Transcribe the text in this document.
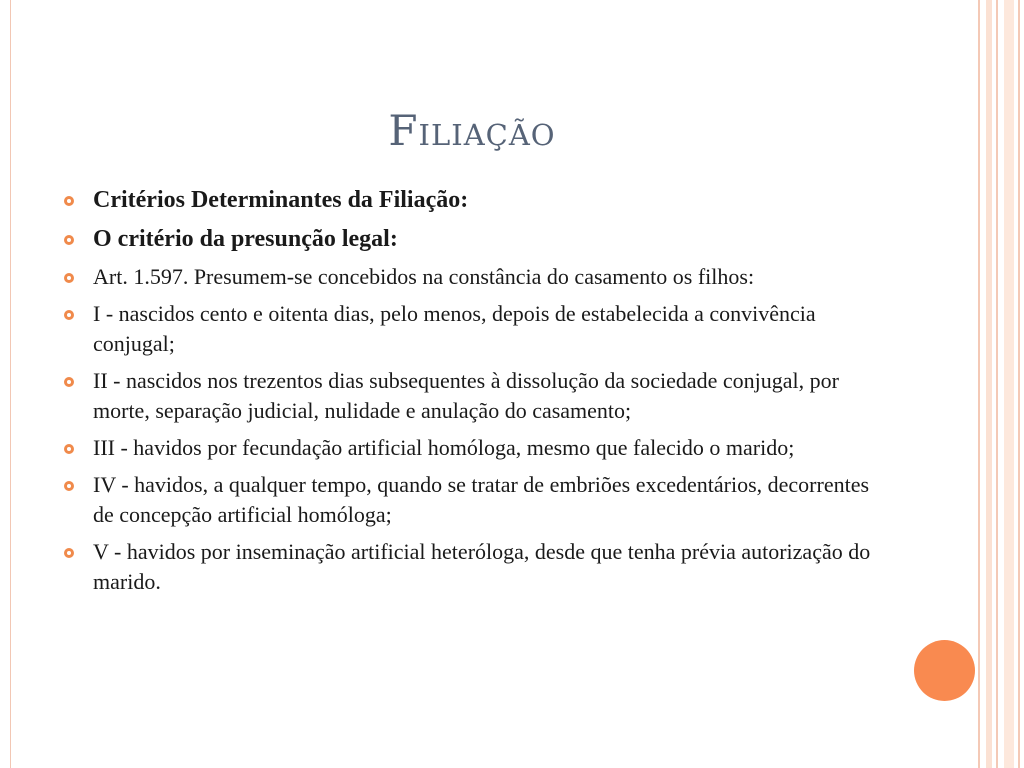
Filiação
Critérios Determinantes da Filiação:
O critério da presunção legal:
Art. 1.597. Presumem-se concebidos na constância do casamento os filhos:
I - nascidos cento e oitenta dias, pelo menos, depois de estabelecida a convivência conjugal;
II - nascidos nos trezentos dias subsequentes à dissolução da sociedade conjugal, por morte, separação judicial, nulidade e anulação do casamento;
III - havidos por fecundação artificial homóloga, mesmo que falecido o marido;
IV - havidos, a qualquer tempo, quando se tratar de embriões excedentários, decorrentes de concepção artificial homóloga;
V - havidos por inseminação artificial heteróloga, desde que tenha prévia autorização do marido.
